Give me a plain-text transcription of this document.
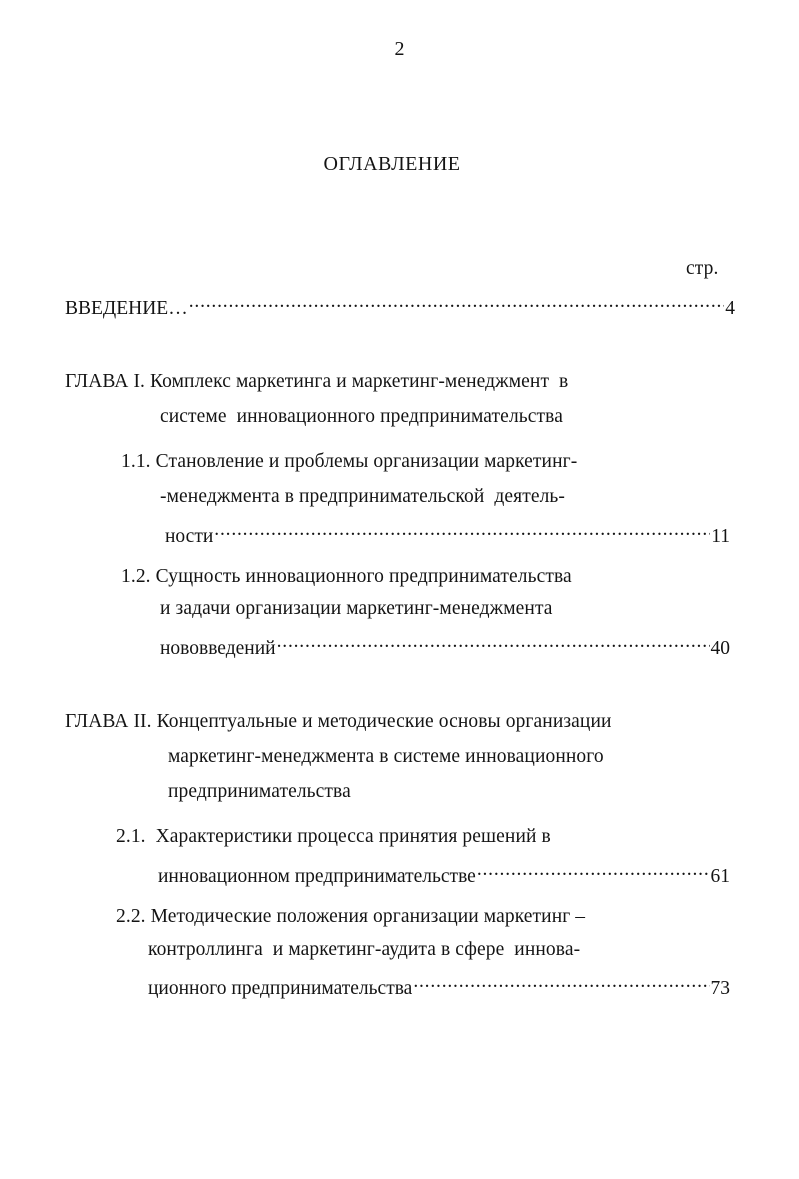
2
ОГЛАВЛЕНИЕ
стр.
ВВЕДЕНИЕ… .....	4
ГЛАВА I. Комплекс маркетинга и маркетинг-менеджмент  в
системе  инновационного предпринимательства
1.1. Становление и проблемы организации маркетинг-
-менеджмента в предпринимательской  деятель-
ности .....	11
1.2. Сущность инновационного предпринимательства
и задачи организации маркетинг-менеджмента
нововведений .....	40
ГЛАВА II. Концептуальные и методические основы организации
маркетинг-менеджмента в системе инновационного
предпринимательства
2.1.  Характеристики процесса принятия решений в
инновационном предпринимательстве .....	61
2.2. Методические положения организации маркетинг –
контроллинга  и маркетинг-аудита в сфере  иннова-
ционного предпринимательства .....	73
